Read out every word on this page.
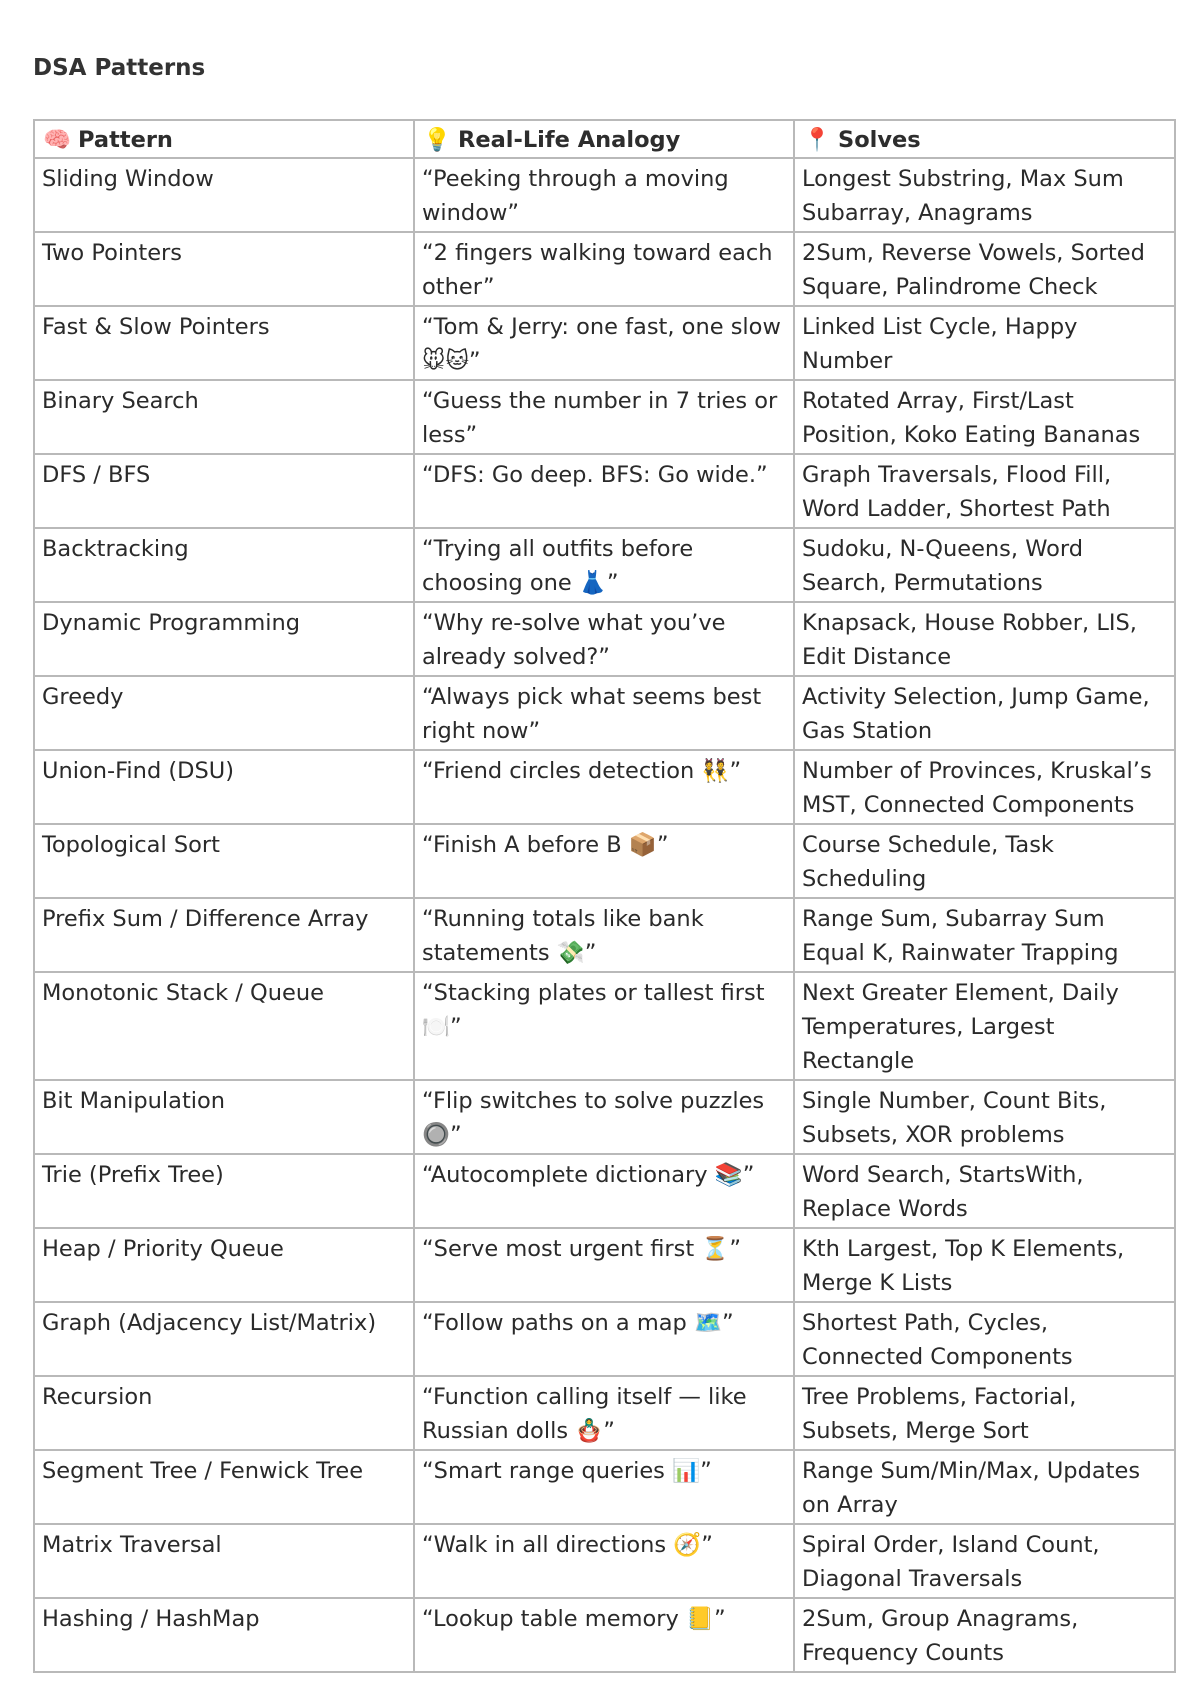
DSA Patterns
🧠 Pattern	💡 Real-Life Analogy	📍 Solves
Sliding Window	“Peeking through a moving window”	Longest Substring, Max Sum Subarray, Anagrams
Two Pointers	“2 fingers walking toward each other”	2Sum, Reverse Vowels, Sorted Square, Palindrome Check
Fast & Slow Pointers	“Tom & Jerry: one fast, one slow 🐭🐱”	Linked List Cycle, Happy Number
Binary Search	“Guess the number in 7 tries or less”	Rotated Array, First/Last Position, Koko Eating Bananas
DFS / BFS	“DFS: Go deep. BFS: Go wide.”	Graph Traversals, Flood Fill, Word Ladder, Shortest Path
Backtracking	“Trying all outfits before choosing one 👗”	Sudoku, N-Queens, Word Search, Permutations
Dynamic Programming	“Why re-solve what you’ve already solved?”	Knapsack, House Robber, LIS, Edit Distance
Greedy	“Always pick what seems best right now”	Activity Selection, Jump Game, Gas Station
Union-Find (DSU)	“Friend circles detection 👯”	Number of Provinces, Kruskal’s MST, Connected Components
Topological Sort	“Finish A before B 📦”	Course Schedule, Task Scheduling
Prefix Sum / Difference Array	“Running totals like bank statements 💸”	Range Sum, Subarray Sum Equal K, Rainwater Trapping
Monotonic Stack / Queue	“Stacking plates or tallest first 🍽️”	Next Greater Element, Daily Temperatures, Largest Rectangle
Bit Manipulation	“Flip switches to solve puzzles 🔘”	Single Number, Count Bits, Subsets, XOR problems
Trie (Prefix Tree)	“Autocomplete dictionary 📚”	Word Search, StartsWith, Replace Words
Heap / Priority Queue	“Serve most urgent first ⏳”	Kth Largest, Top K Elements, Merge K Lists
Graph (Adjacency List/Matrix)	“Follow paths on a map 🗺️”	Shortest Path, Cycles, Connected Components
Recursion	“Function calling itself — like Russian dolls 🪆”	Tree Problems, Factorial, Subsets, Merge Sort
Segment Tree / Fenwick Tree	“Smart range queries 📊”	Range Sum/Min/Max, Updates on Array
Matrix Traversal	“Walk in all directions 🧭”	Spiral Order, Island Count, Diagonal Traversals
Hashing / HashMap	“Lookup table memory 📒”	2Sum, Group Anagrams, Frequency Counts
